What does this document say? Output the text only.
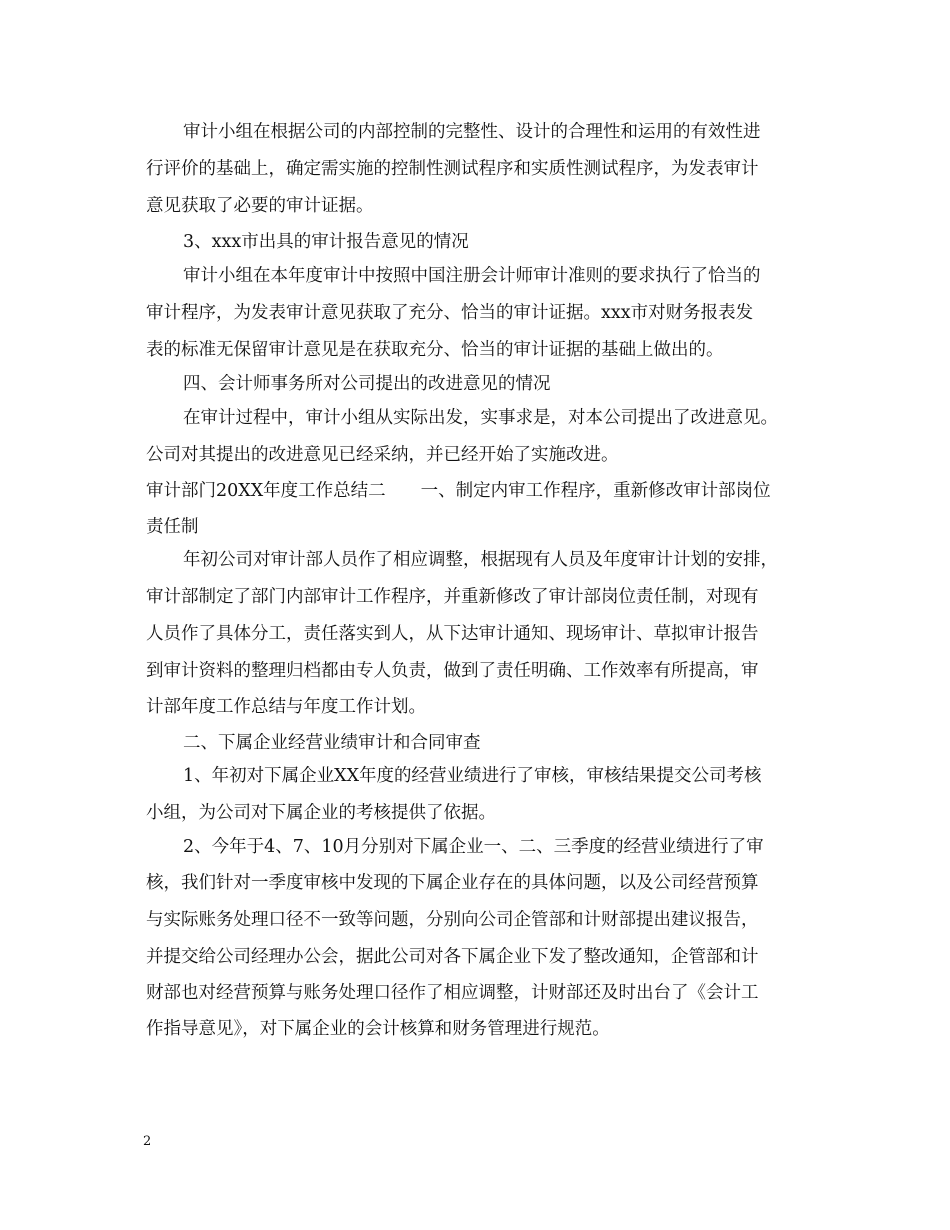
审计小组在根据公司的内部控制的完整性、设计的合理性和运用的有效性进
行评价的基础上，确定需实施的控制性测试程序和实质性测试程序，为发表审计
意见获取了必要的审计证据。
3、xxx市出具的审计报告意见的情况
审计小组在本年度审计中按照中国注册会计师审计准则的要求执行了恰当的
审计程序，为发表审计意见获取了充分、恰当的审计证据。xxx市对财务报表发
表的标准无保留审计意见是在获取充分、恰当的审计证据的基础上做出的。
四、会计师事务所对公司提出的改进意见的情况
在审计过程中，审计小组从实际出发，实事求是，对本公司提出了改进意见。
公司对其提出的改进意见已经采纳，并已经开始了实施改进。
审计部门20XX年度工作总结二　　一、制定内审工作程序，重新修改审计部岗位
责任制
年初公司对审计部人员作了相应调整，根据现有人员及年度审计计划的安排，
审计部制定了部门内部审计工作程序，并重新修改了审计部岗位责任制，对现有
人员作了具体分工，责任落实到人，从下达审计通知、现场审计、草拟审计报告
到审计资料的整理归档都由专人负责，做到了责任明确、工作效率有所提高，审
计部年度工作总结与年度工作计划。
二、下属企业经营业绩审计和合同审查
1、年初对下属企业XX年度的经营业绩进行了审核，审核结果提交公司考核
小组，为公司对下属企业的考核提供了依据。
2、今年于4、7、10月分别对下属企业一、二、三季度的经营业绩进行了审
核，我们针对一季度审核中发现的下属企业存在的具体问题，以及公司经营预算
与实际账务处理口径不一致等问题，分别向公司企管部和计财部提出建议报告，
并提交给公司经理办公会，据此公司对各下属企业下发了整改通知，企管部和计
财部也对经营预算与账务处理口径作了相应调整，计财部还及时出台了《会计工
作指导意见》，对下属企业的会计核算和财务管理进行规范。
2
